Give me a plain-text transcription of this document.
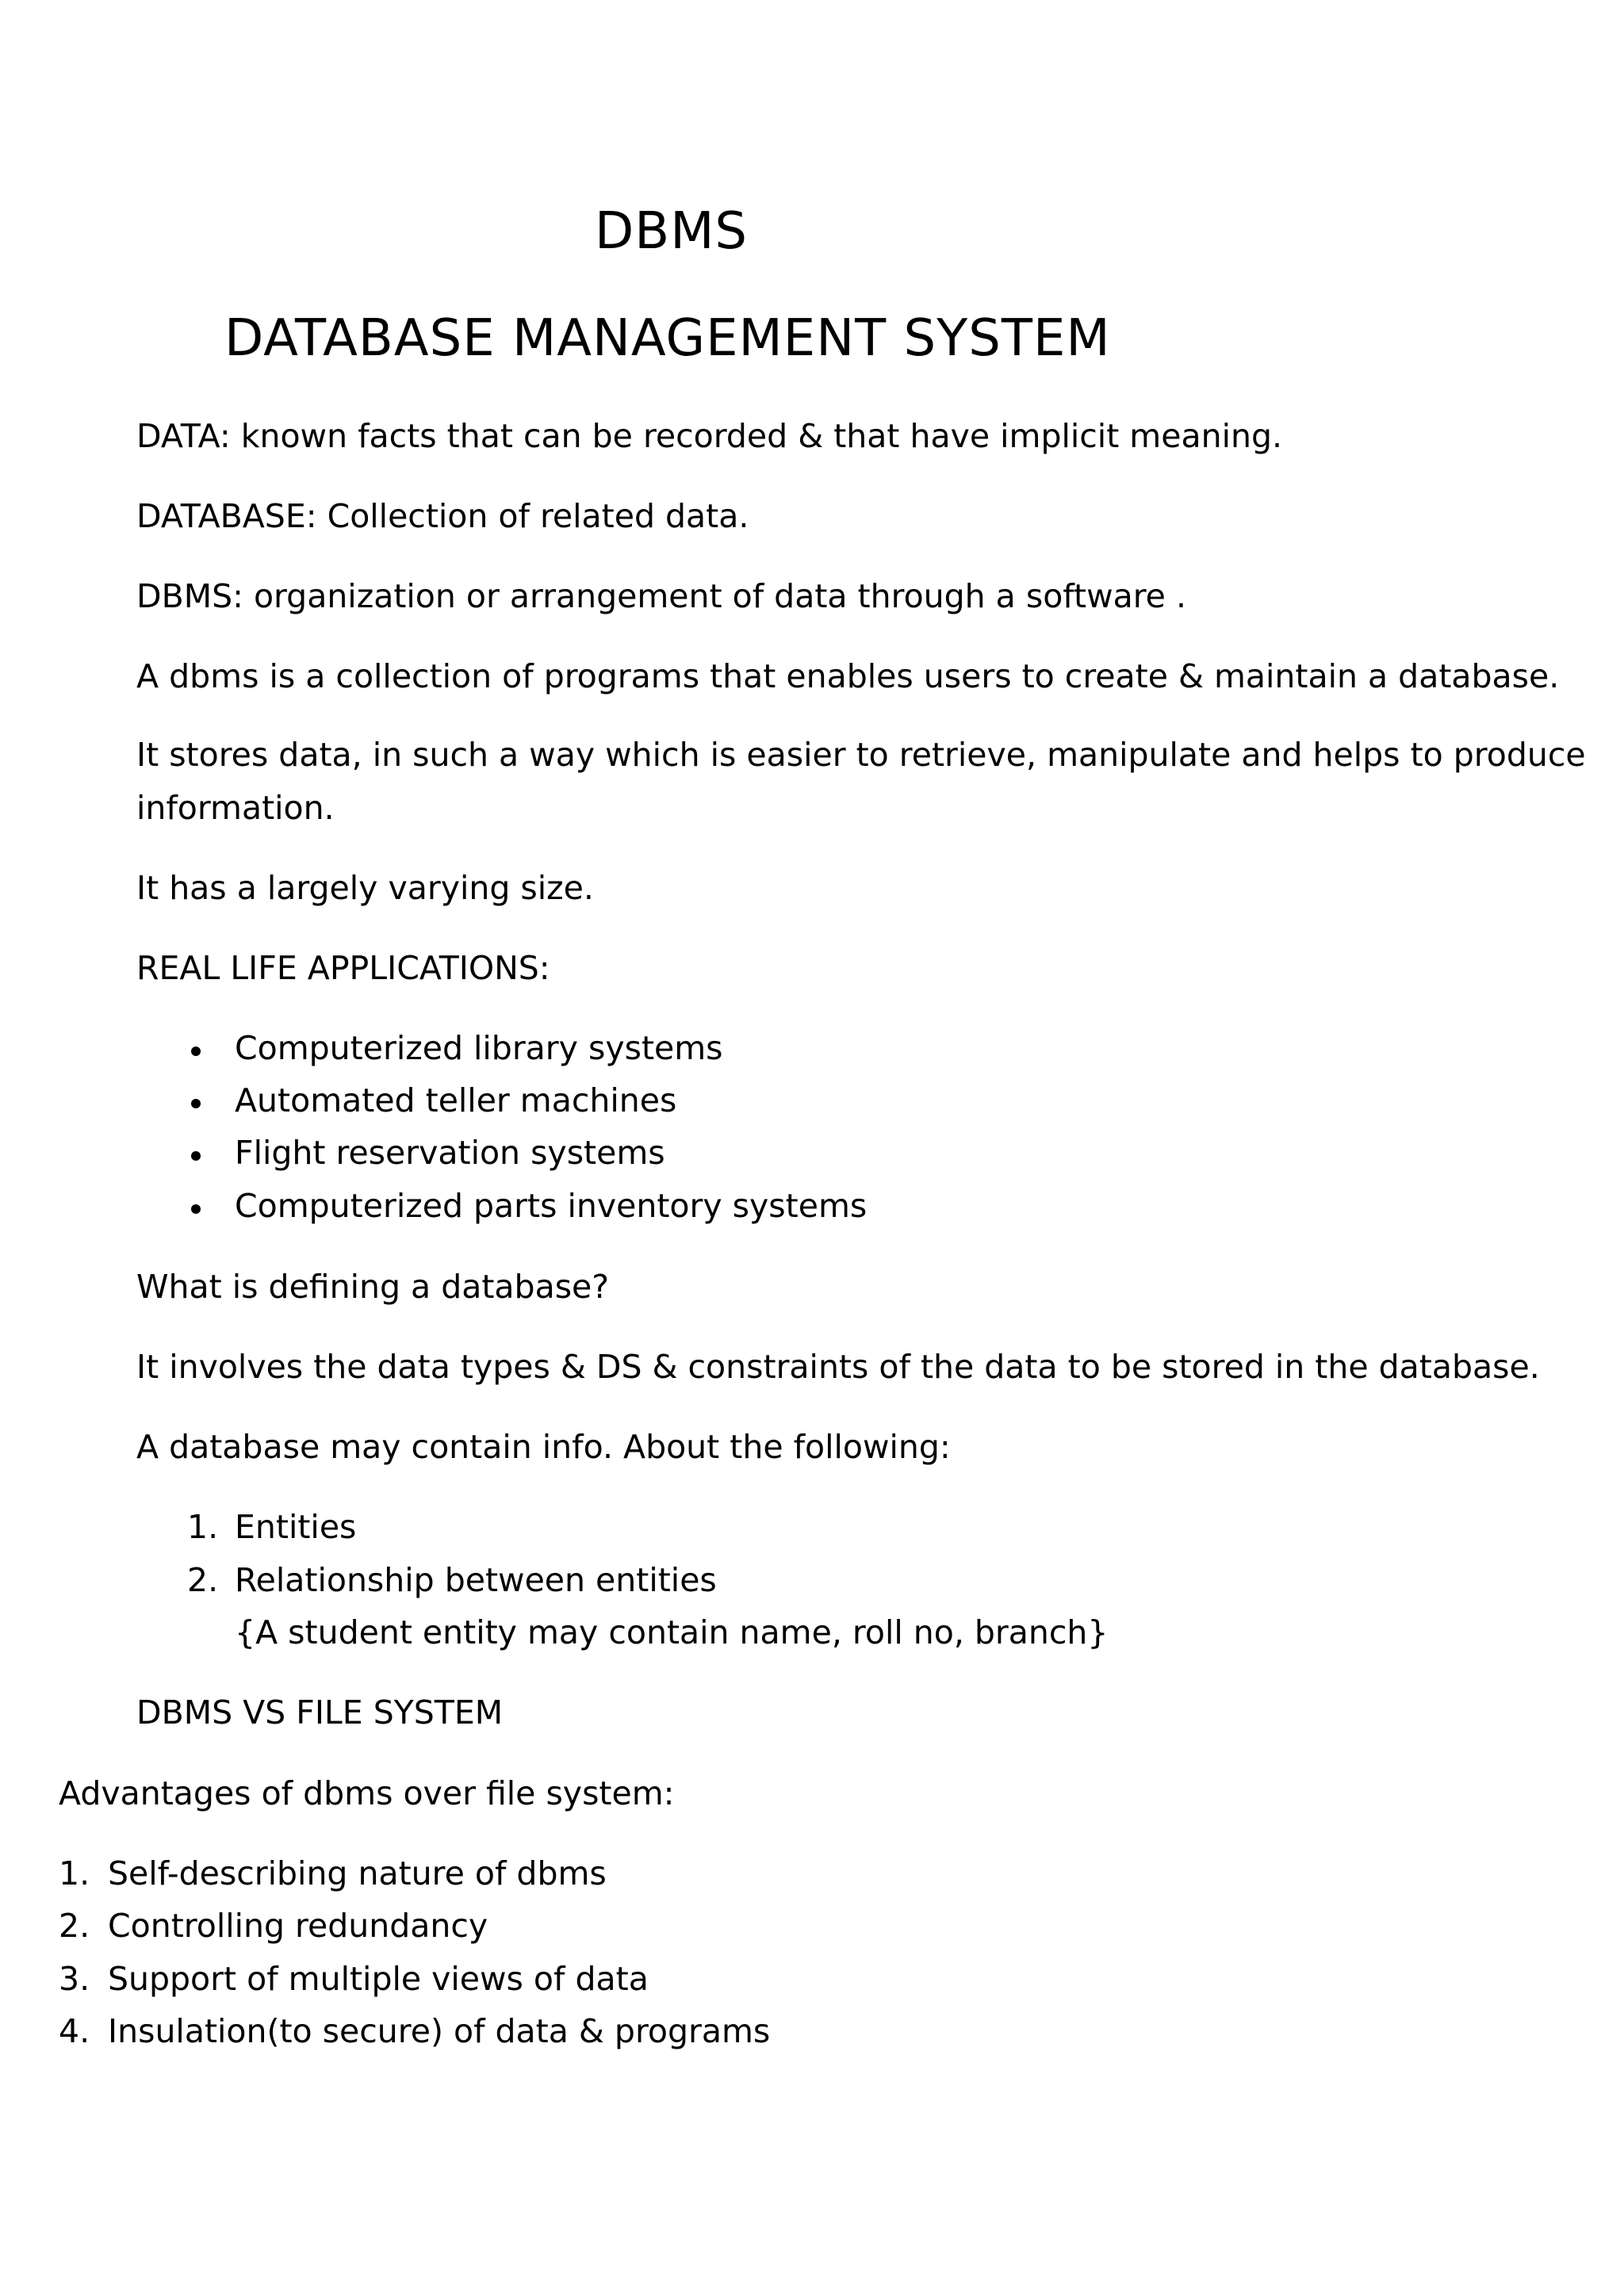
DBMS
DATABASE MANAGEMENT SYSTEM
DATA: known facts that can be recorded & that have implicit meaning.
DATABASE: Collection of related data.
DBMS: organization or arrangement of data through a software .
A dbms is a collection of programs that enables users to create & maintain a database.
It stores data, in such a way which is easier to retrieve, manipulate and helps to produce
information.
It has a largely varying size.
REAL LIFE APPLICATIONS:
Computerized library systems
Automated teller machines
Flight reservation systems
Computerized parts inventory systems
What is defining a database?
It involves the data types & DS & constraints of the data to be stored in the database.
A database may contain info. About the following:
1. Entities
2. Relationship between entities
{A student entity may contain name, roll no, branch}
DBMS VS FILE SYSTEM
Advantages of dbms over file system:
1. Self-describing nature of dbms
2. Controlling redundancy
3. Support of multiple views of data
4. Insulation(to secure) of data & programs
